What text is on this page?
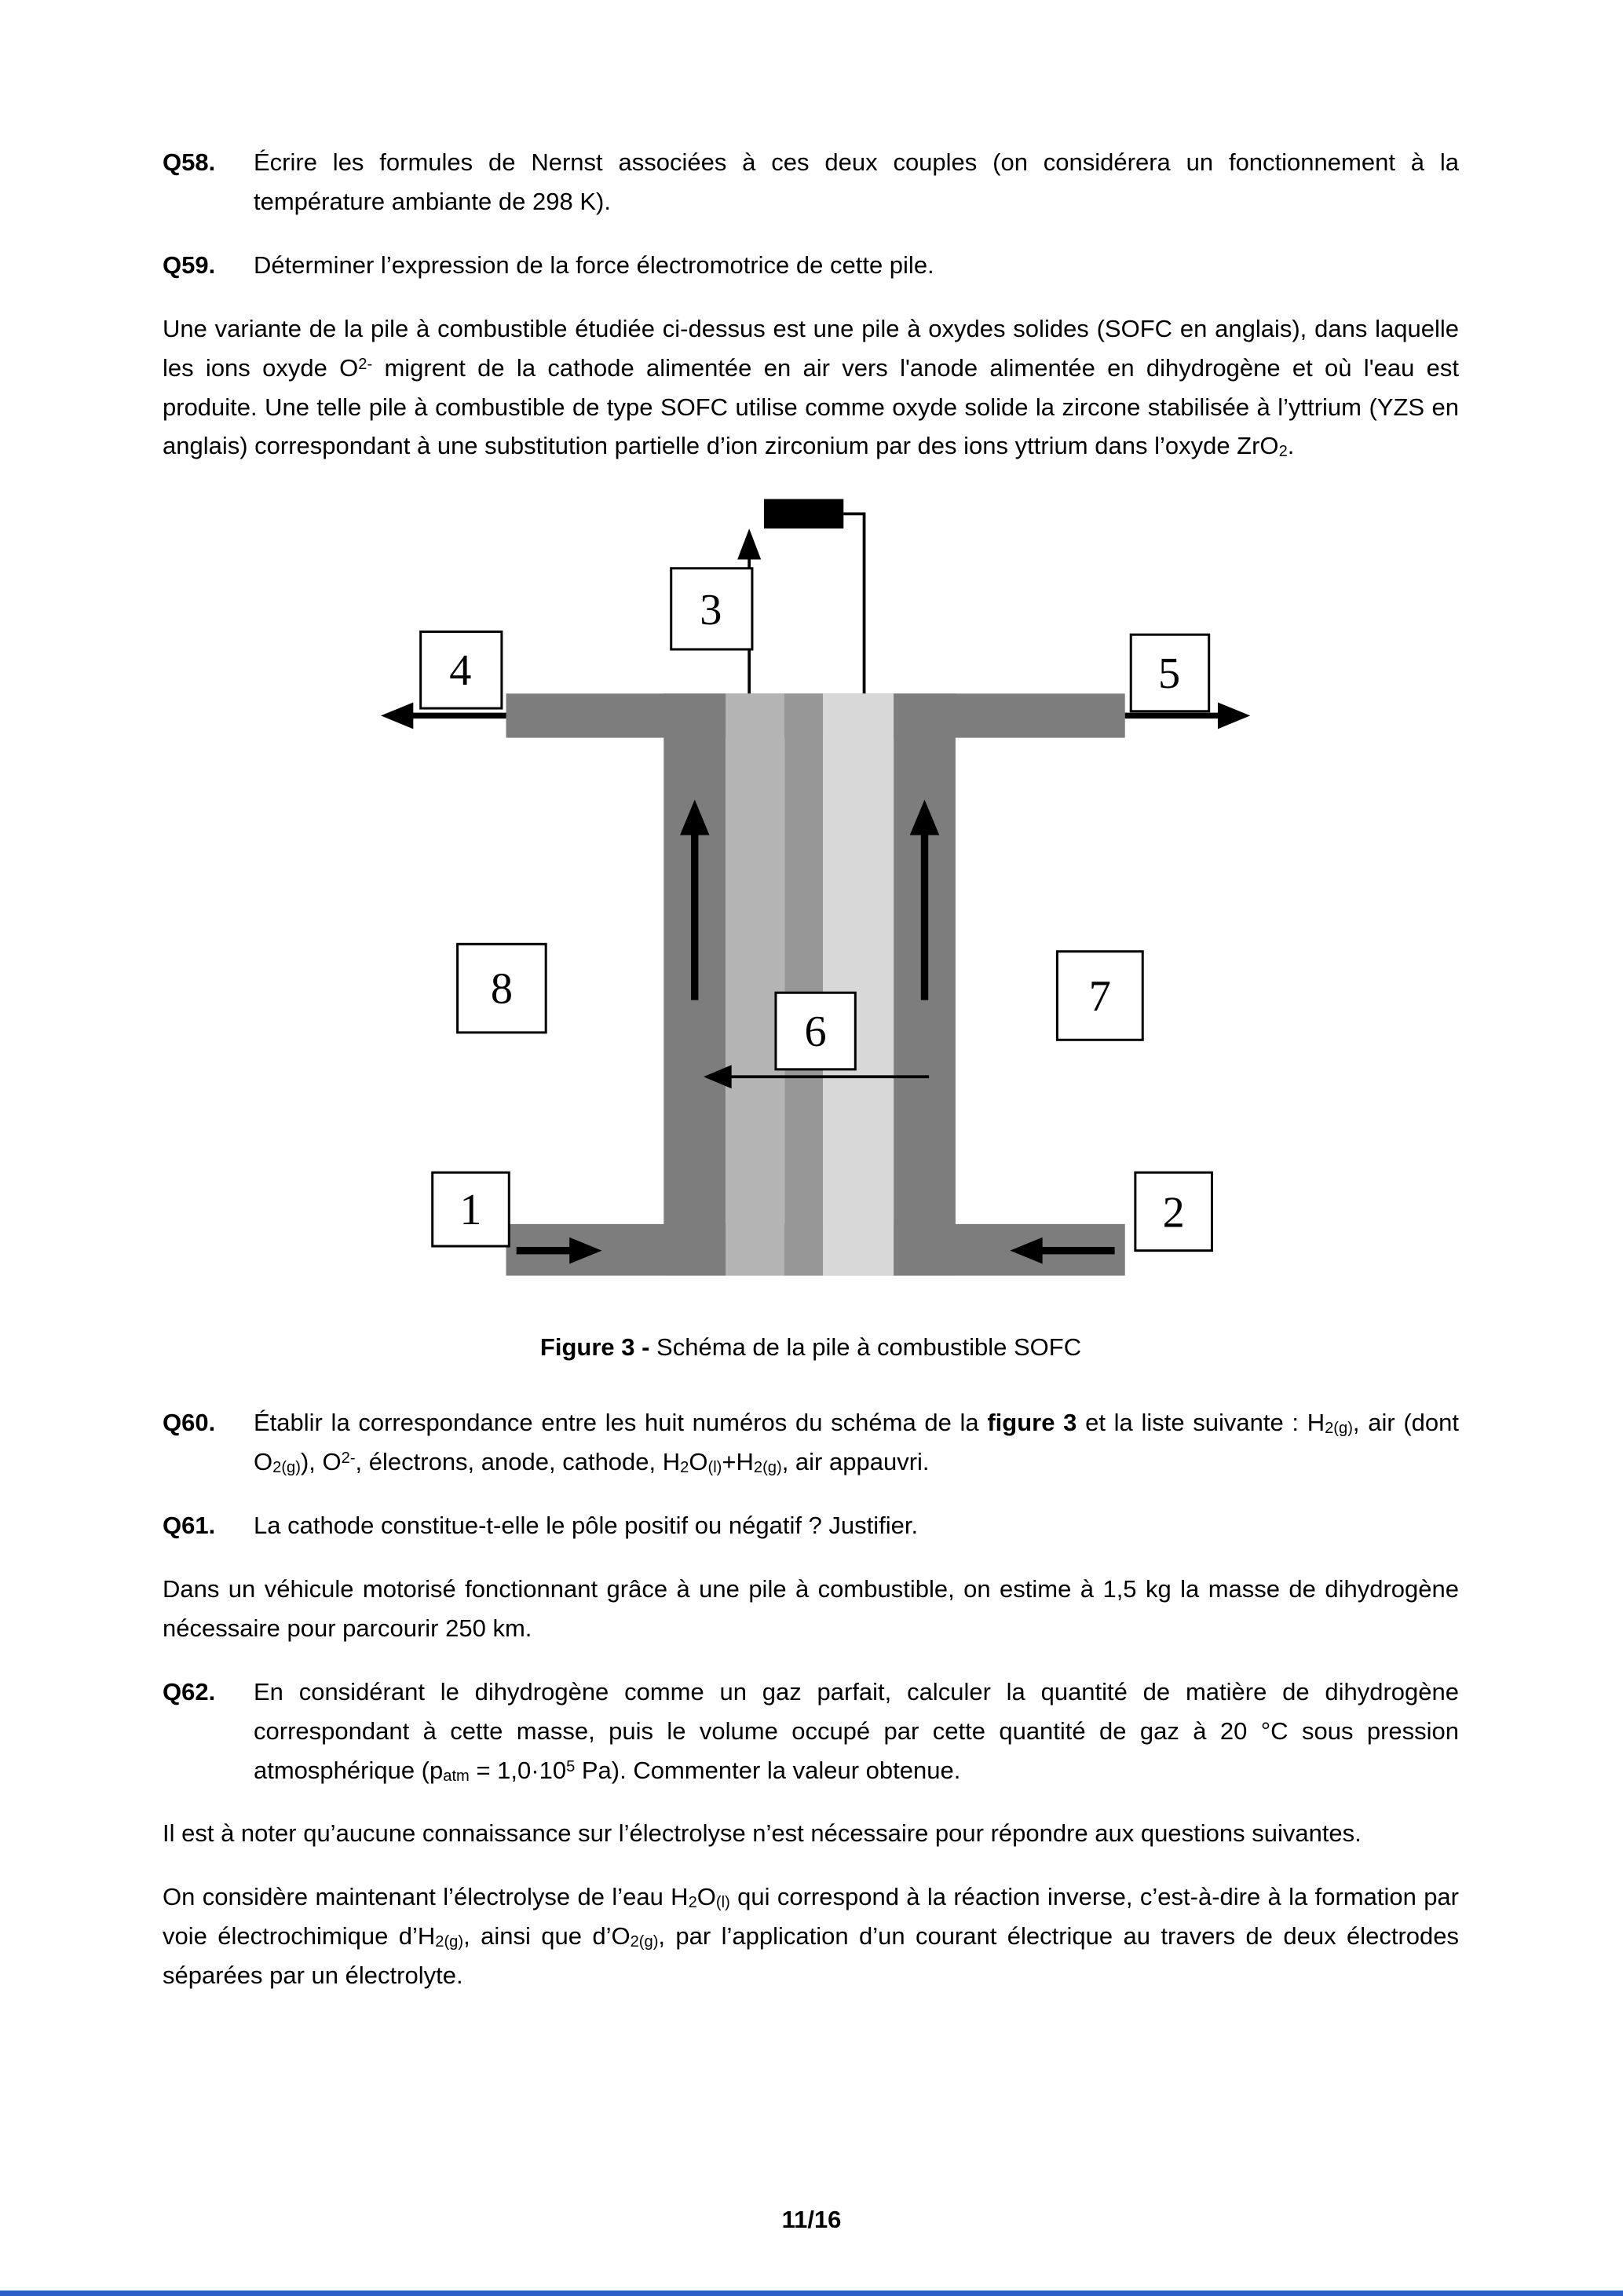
Q58. Écrire les formules de Nernst associées à ces deux couples (on considérera un fonctionnement à la température ambiante de 298 K).
Q59. Déterminer l’expression de la force électromotrice de cette pile.

Une variante de la pile à combustible étudiée ci-dessus est une pile à oxydes solides (SOFC en anglais), dans laquelle les ions oxyde $O^{2-}$ migrent de la cathode alimentée en air vers l'anode alimentée en dihydrogène et où l'eau est produite. Une telle pile à combustible de type SOFC utilise comme oxyde solide la zircone stabilisée à l’yttrium (YZS en anglais) correspondant à une substitution partielle d’ion zirconium par des ions yttrium dans l’oxyde ZrO$_2$.

3
4	5
8	7
6
1	2

Figure 3 - Schéma de la pile à combustible SOFC

Q60. Établir la correspondance entre les huit numéros du schéma de la figure 3 et la liste suivante : $H_{2(g)}$, air (dont $O_{2(g)}$), $O^{2-}$, électrons, anode, cathode, $H_2O_{(l)}+H_{2(g)}$, air appauvri.
Q61. La cathode constitue-t-elle le pôle positif ou négatif ? Justifier.

Dans un véhicule motorisé fonctionnant grâce à une pile à combustible, on estime à 1,5 kg la masse de dihydrogène nécessaire pour parcourir 250 km.

Q62. En considérant le dihydrogène comme un gaz parfait, calculer la quantité de matière de dihydrogène correspondant à cette masse, puis le volume occupé par cette quantité de gaz à 20 °C sous pression atmosphérique ($p_{atm} = 1,0\cdot 10^5$ Pa). Commenter la valeur obtenue.

Il est à noter qu’aucune connaissance sur l’électrolyse n’est nécessaire pour répondre aux questions suivantes.

On considère maintenant l’électrolyse de l’eau $H_2O_{(l)}$ qui correspond à la réaction inverse, c’est-à-dire à la formation par voie électrochimique $d’H_{2(g)}$, ainsi que $d’O_{2(g)}$, par l’application d’un courant électrique au travers de deux électrodes séparées par un électrolyte.

11/16
